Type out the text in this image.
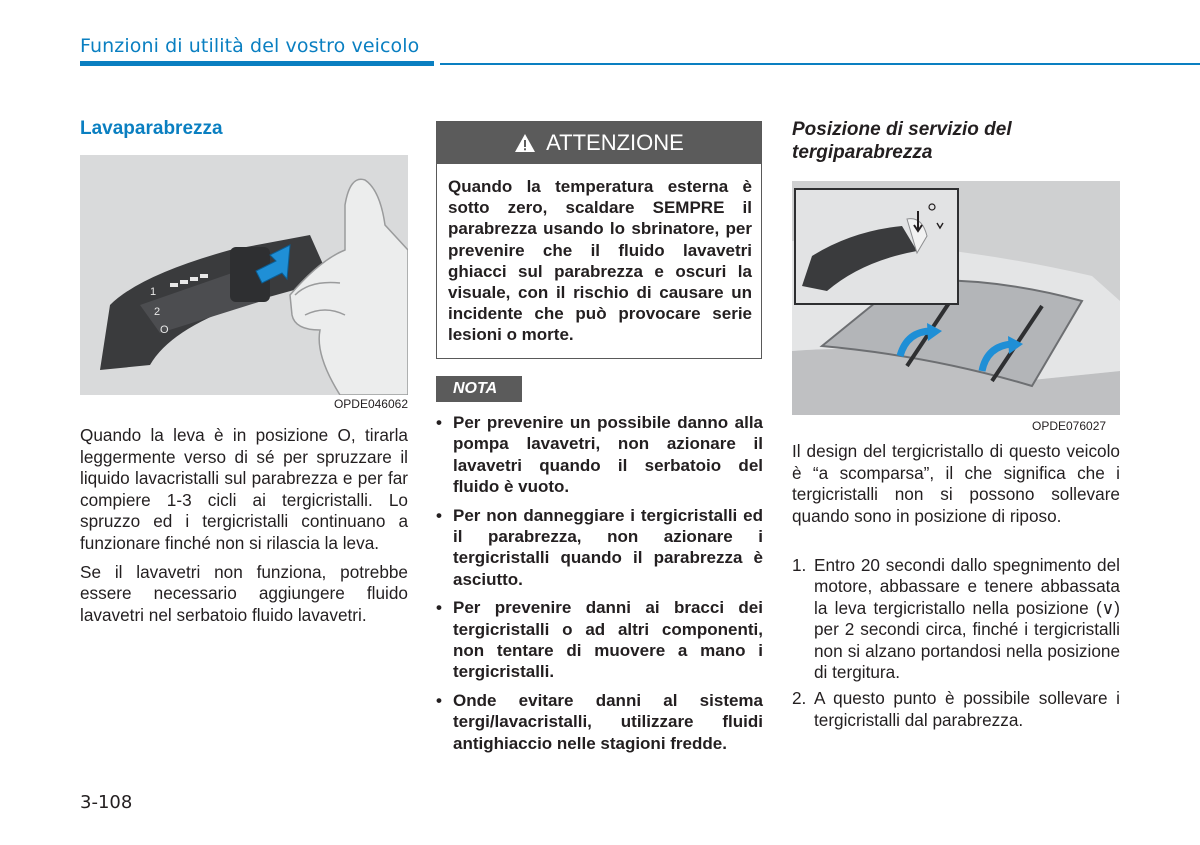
Funzioni di utilità del vostro veicolo
Lavaparabrezza
1
2
O
OPDE046062

Quando la leva è in posizione O, tirarla leggermente verso di sé per spruzzare il liquido lavacristalli sul parabrezza e per far compiere 1-3 cicli ai tergicristalli. Lo spruzzo ed i tergicristalli continuano a funzionare finché non si rilascia la leva.

Se il lavavetri non funziona, potrebbe essere necessario aggiungere fluido lavavetri nel serbatoio fluido lavavetri.

ATTENZIONE
Quando la temperatura esterna è sotto zero, scaldare SEMPRE il parabrezza usando lo sbrinatore, per prevenire che il fluido lavavetri ghiacci sul parabrezza e oscuri la visuale, con il rischio di causare un incidente che può provocare serie lesioni o morte.
NOTA
• Per prevenire un possibile danno alla pompa lavavetri, non azionare il lavavetri quando il serbatoio del fluido è vuoto.
• Per non danneggiare i tergicristalli ed il parabrezza, non azionare i tergicristalli quando il parabrezza è asciutto.
• Per prevenire danni ai bracci dei tergicristalli o ad altri componenti, non tentare di muovere a mano i tergicristalli.
• Onde evitare danni al sistema tergi/lavacristalli, utilizzare fluidi antighiaccio nelle stagioni fredde.
Posizione di servizio del tergiparabrezza
OPDE076027
Il design del tergicristallo di questo veicolo è “a scomparsa”, il che significa che i tergicristalli non si possono sollevare quando sono in posizione di riposo.
1. Entro 20 secondi dallo spegnimento del motore, abbassare e tenere abbassata la leva tergicristallo nella posizione (∨) per 2 secondi circa, finché i tergicristalli non si alzano portandosi nella posizione di tergitura.
2. A questo punto è possibile sollevare i tergicristalli dal parabrezza.
3-108
